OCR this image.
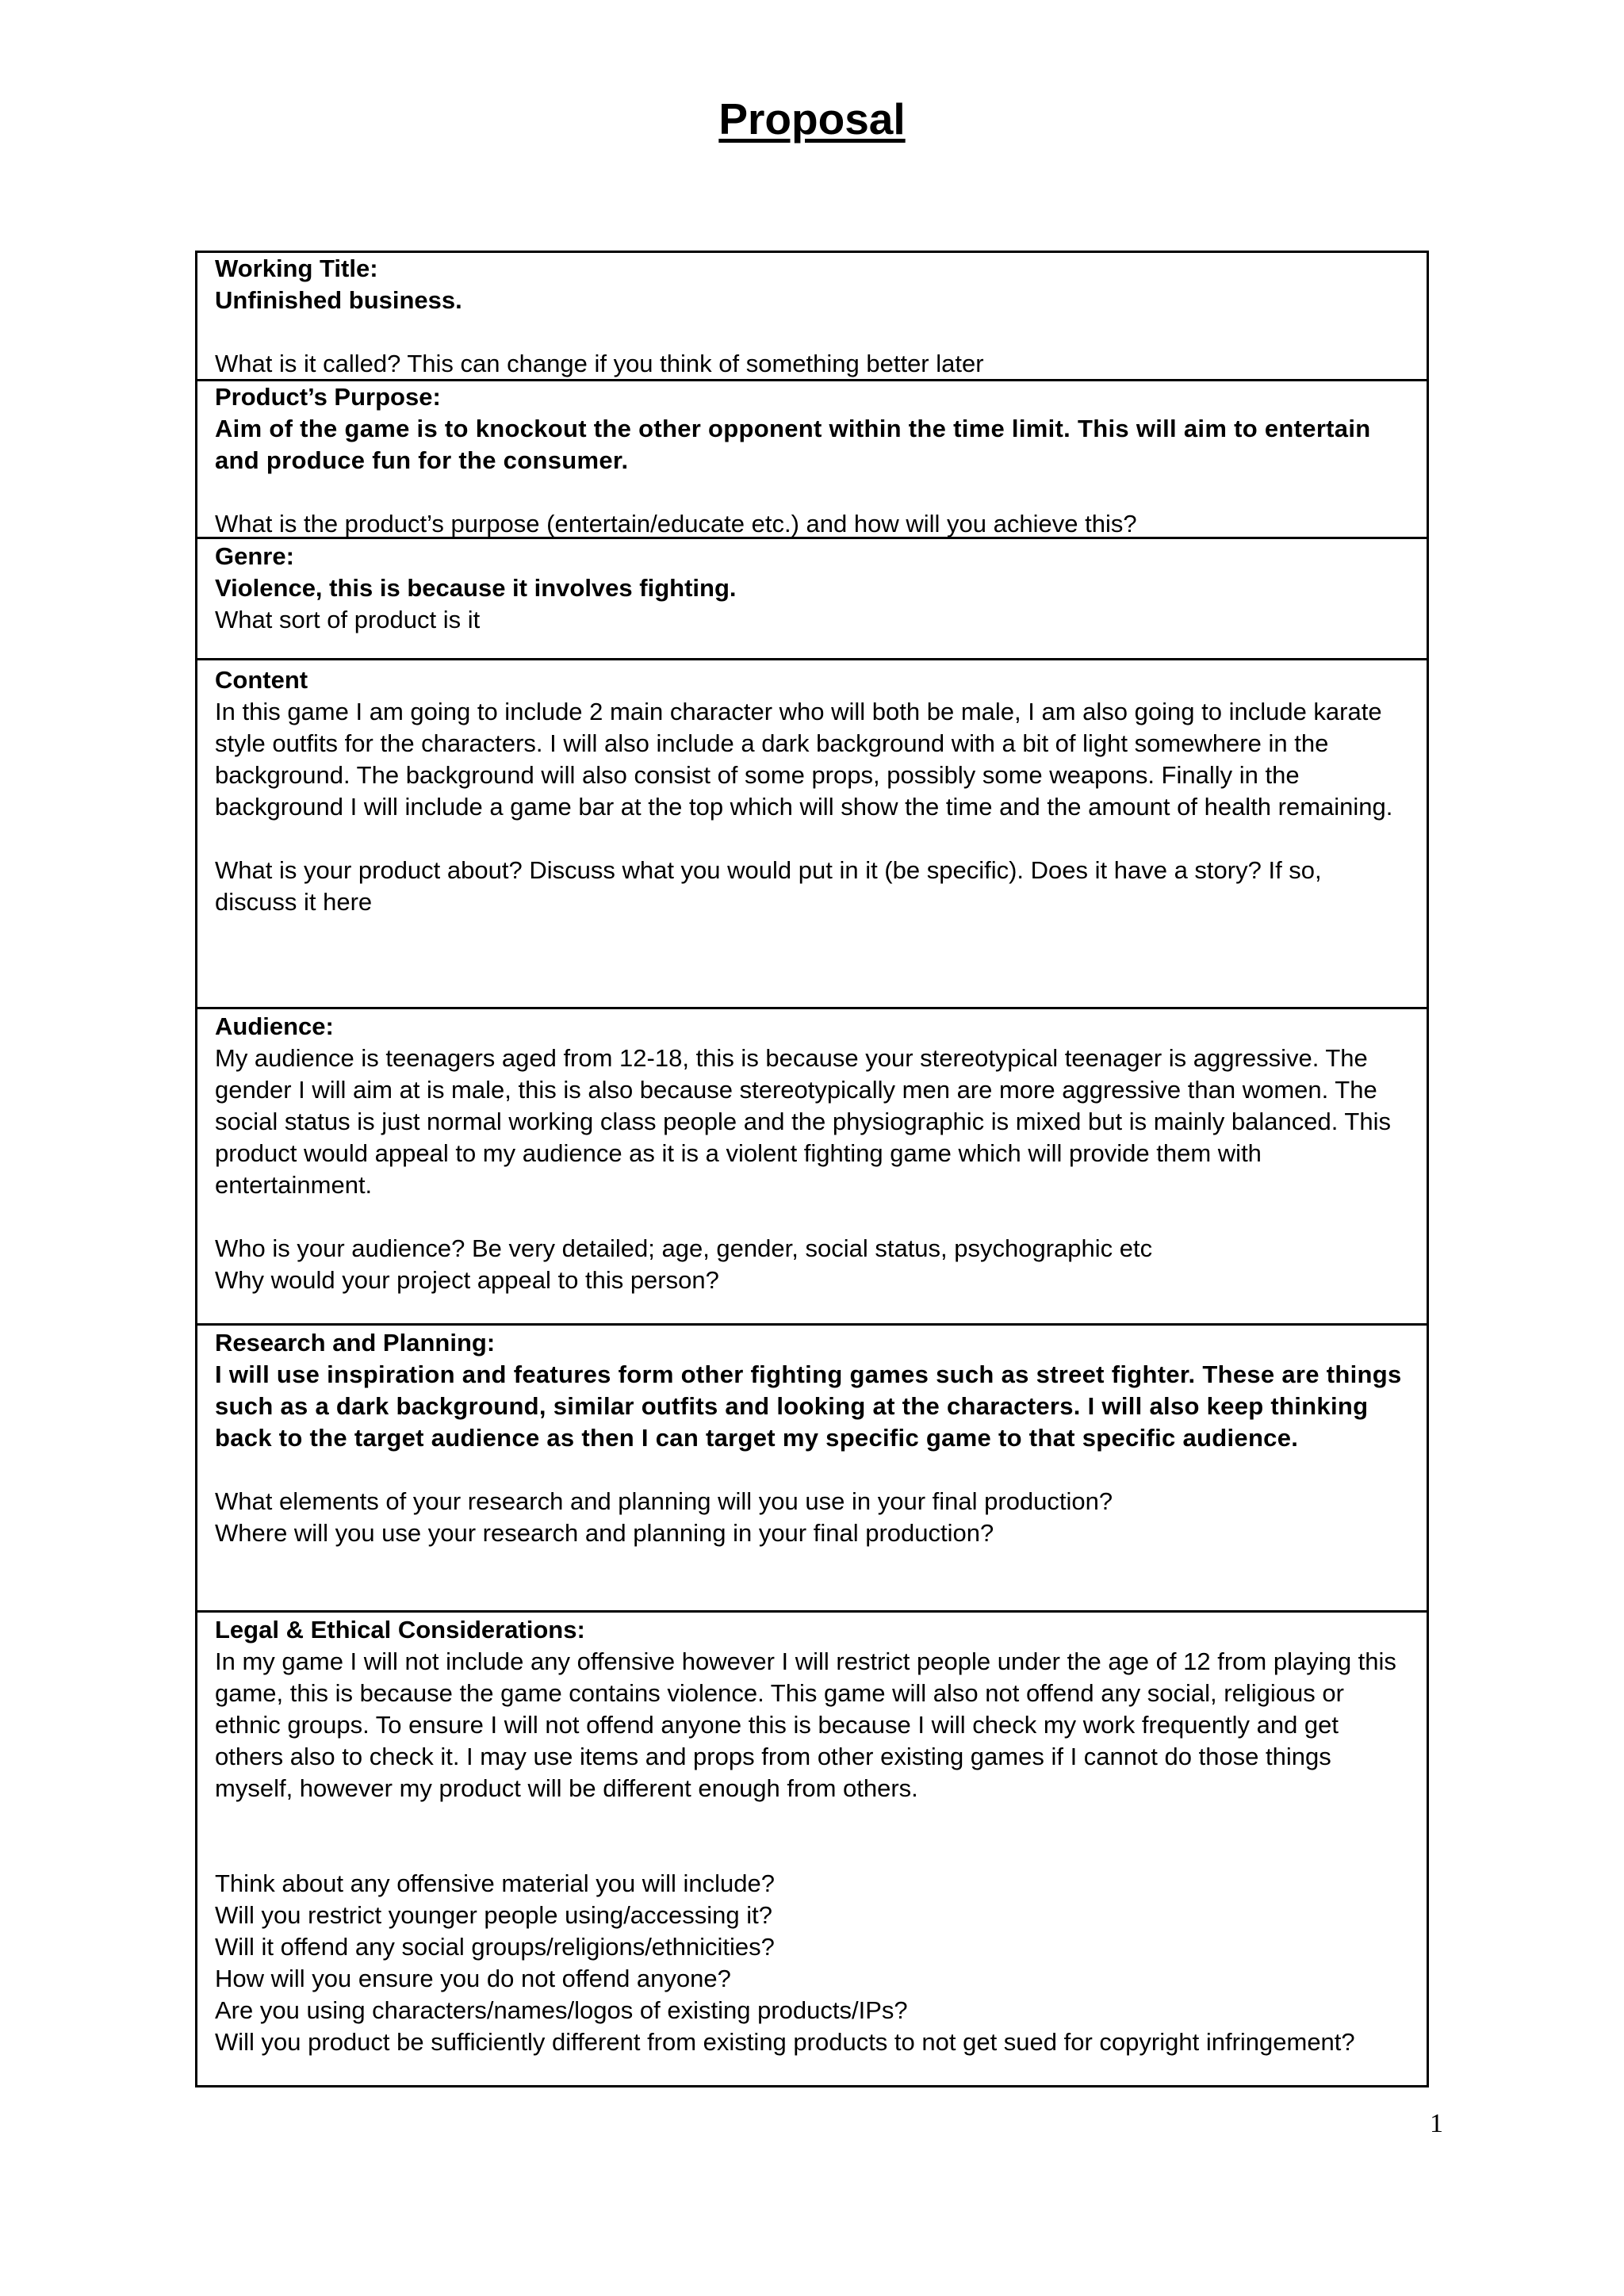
Proposal

Working Title:

Unfinished business.

What is it called? This can change if you think of something better later

Product’s Purpose:

Aim of the game is to knockout the other opponent within the time limit. This will aim to entertain and produce fun for the consumer.

What is the product’s purpose (entertain/educate etc.) and how will you achieve this?

Genre:

Violence, this is because it involves fighting.

What sort of product is it

Content

In this game I am going to include 2 main character who will both be male, I am also going to include karate style outfits for the characters. I will also include a dark background with a bit of light somewhere in the background. The background will also consist of some props, possibly some weapons. Finally in the background I will include a game bar at the top which will show the time and the amount of health remaining.

What is your product about? Discuss what you would put in it (be specific). Does it have a story? If so, discuss it here

Audience:

My audience is teenagers aged from 12-18, this is because your stereotypical teenager is aggressive. The gender I will aim at is male, this is also because stereotypically men are more aggressive than women. The social status is just normal working class people and the physiographic is mixed but is mainly balanced. This product would appeal to my audience as it is a violent fighting game which will provide them with entertainment.

Who is your audience? Be very detailed; age, gender, social status, psychographic etc

Why would your project appeal to this person?

Research and Planning:

I will use inspiration and features form other fighting games such as street fighter. These are things such as a dark background, similar outfits and looking at the characters. I will also keep thinking back to the target audience as then I can target my specific game to that specific audience.

What elements of your research and planning will you use in your final production?

Where will you use your research and planning in your final production?

Legal & Ethical Considerations:

In my game I will not include any offensive however I will restrict people under the age of 12 from playing this game, this is because the game contains violence. This game will also not offend any social, religious or ethnic groups. To ensure I will not offend anyone this is because I will check my work frequently and get others also to check it. I may use items and props from other existing games if I cannot do those things myself, however my product will be different enough from others.

Think about any offensive material you will include?

Will you restrict younger people using/accessing it?

Will it offend any social groups/religions/ethnicities?

How will you ensure you do not offend anyone?

Are you using characters/names/logos of existing products/IPs?

Will you product be sufficiently different from existing products to not get sued for copyright infringement?

1
